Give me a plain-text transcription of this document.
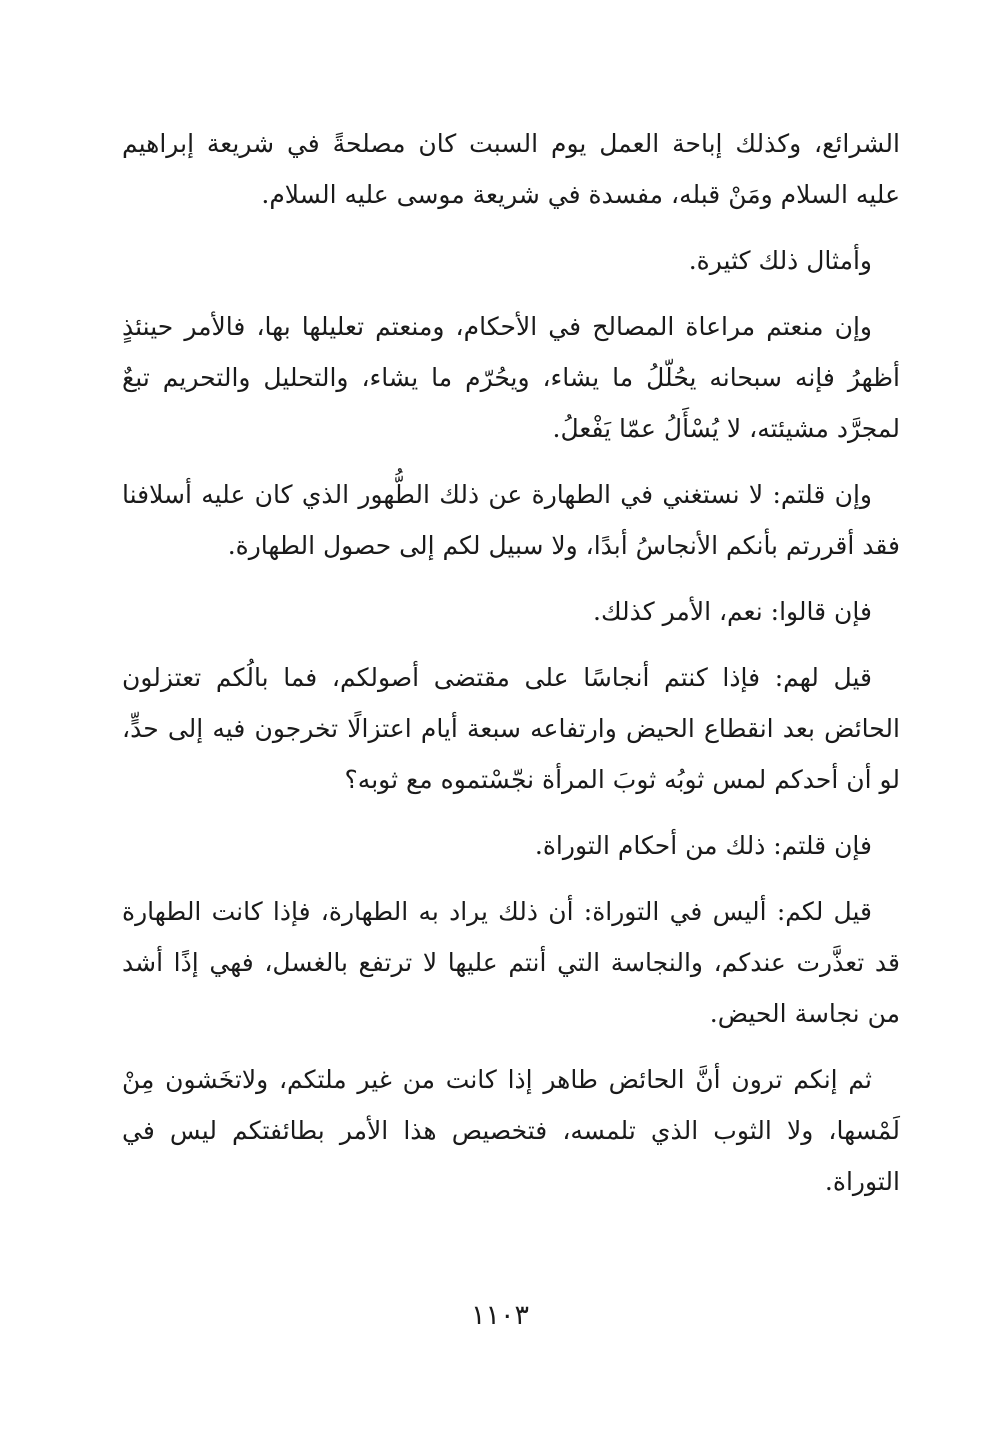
الشرائع، وكذلك إباحة العمل يوم السبت كان مصلحةً في شريعة إبراهيم عليه السلام ومَنْ قبله، مفسدة في شريعة موسى عليه السلام.

وأمثال ذلك كثيرة.

وإن منعتم مراعاة المصالح في الأحكام، ومنعتم تعليلها بها، فالأمر حينئذٍ أظهرُ فإنه سبحانه يحُلّلُ ما يشاء، ويحُرّم ما يشاء، والتحليل والتحريم تبعٌ لمجرَّد مشيئته، لا يُسْأَلُ عمّا يَفْعلُ.

وإن قلتم: لا نستغني في الطهارة عن ذلك الطُّهور الذي كان عليه أسلافنا فقد أقررتم بأنكم الأنجاسُ أبدًا، ولا سبيل لكم إلى حصول الطهارة.

فإن قالوا: نعم، الأمر كذلك.

قيل لهم: فإذا كنتم أنجاسًا على مقتضى أصولكم، فما بالُكم تعتزلون الحائض بعد انقطاع الحيض وارتفاعه سبعة أيام اعتزالًا تخرجون فيه إلى حدٍّ، لو أن أحدكم لمس ثوبُه ثوبَ المرأة نجّسْتموه مع ثوبه؟

فإن قلتم: ذلك من أحكام التوراة.

قيل لكم: أليس في التوراة: أن ذلك يراد به الطهارة، فإذا كانت الطهارة قد تعذَّرت عندكم، والنجاسة التي أنتم عليها لا ترتفع بالغسل، فهي إذًا أشد من نجاسة الحيض.

ثم إنكم ترون أنَّ الحائض طاهر إذا كانت من غير ملتكم، ولاتخَشون مِنْ لَمْسها، ولا الثوب الذي تلمسه، فتخصيص هذا الأمر بطائفتكم ليس في التوراة.

١١٠٣
